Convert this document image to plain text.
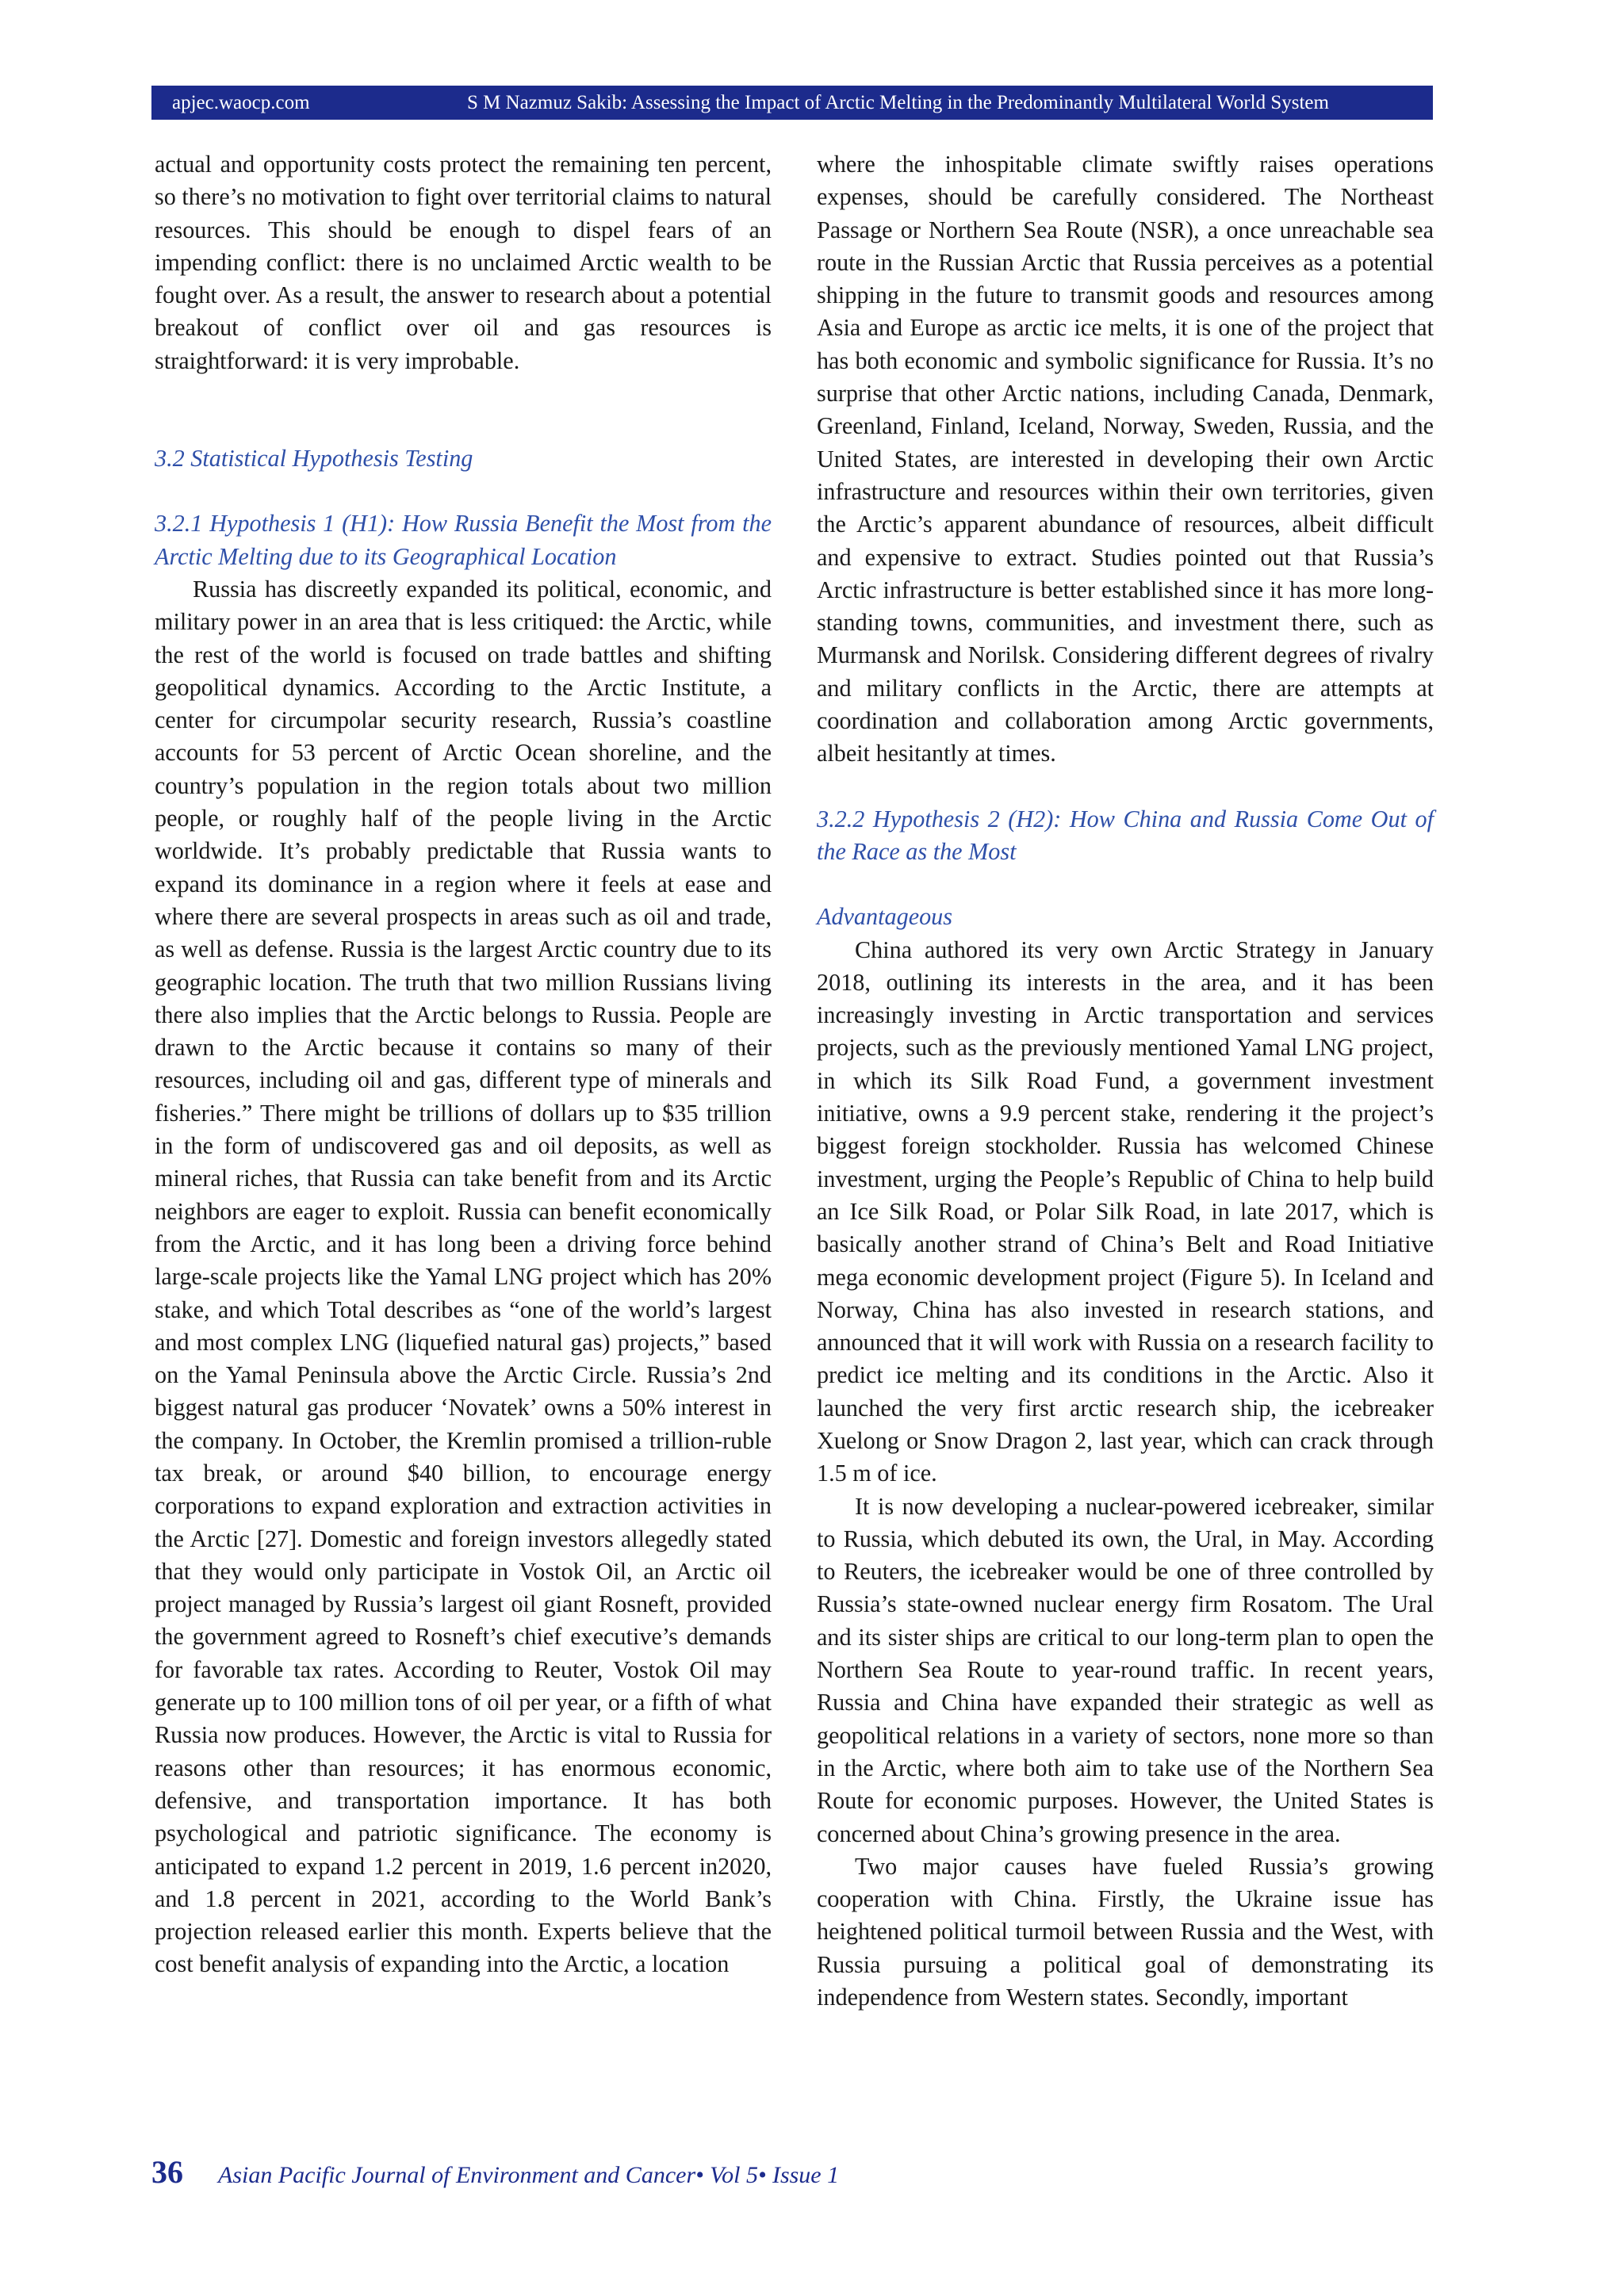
apjec.waocp.com	S M Nazmuz Sakib: Assessing the Impact of Arctic Melting in the Predominantly Multilateral World System

actual and opportunity costs protect the remaining ten percent, so there’s no motivation to fight over territorial claims to natural resources. This should be enough to dispel fears of an impending conflict: there is no unclaimed Arctic wealth to be fought over. As a result, the answer to research about a potential breakout of conflict over oil and gas resources is straightforward: it is very improbable.

3.2 Statistical Hypothesis Testing

3.2.1 Hypothesis 1 (H1): How Russia Benefit the Most from the Arctic Melting due to its Geographical Location

Russia has discreetly expanded its political, economic, and military power in an area that is less critiqued: the Arctic, while the rest of the world is focused on trade battles and shifting geopolitical dynamics. According to the Arctic Institute, a center for circumpolar security research, Russia’s coastline accounts for 53 percent of Arctic Ocean shoreline, and the country’s population in the region totals about two million people, or roughly half of the people living in the Arctic worldwide. It’s probably predictable that Russia wants to expand its dominance in a region where it feels at ease and where there are several prospects in areas such as oil and trade, as well as defense. Russia is the largest Arctic country due to its geographic location. The truth that two million Russians living there also implies that the Arctic belongs to Russia. People are drawn to the Arctic because it contains so many of their resources, including oil and gas, different type of minerals and fisheries.” There might be trillions of dollars up to $35 trillion in the form of undiscovered gas and oil deposits, as well as mineral riches, that Russia can take benefit from and its Arctic neighbors are eager to exploit. Russia can benefit economically from the Arctic, and it has long been a driving force behind large-scale projects like the Yamal LNG project which has 20% stake, and which Total describes as “one of the world’s largest and most complex LNG (liquefied natural gas) projects,” based on the Yamal Peninsula above the Arctic Circle. Russia’s 2nd biggest natural gas producer ‘Novatek’ owns a 50% interest in the company. In October, the Kremlin promised a trillion-ruble tax break, or around $40 billion, to encourage energy corporations to expand exploration and extraction activities in the Arctic [27]. Domestic and foreign investors allegedly stated that they would only participate in Vostok Oil, an Arctic oil project managed by Russia’s largest oil giant Rosneft, provided the government agreed to Rosneft’s chief executive’s demands for favorable tax rates. According to Reuter, Vostok Oil may generate up to 100 million tons of oil per year, or a fifth of what Russia now produces. However, the Arctic is vital to Russia for reasons other than resources; it has enormous economic, defensive, and transportation importance. It has both psychological and patriotic significance. The economy is anticipated to expand 1.2 percent in 2019, 1.6 percent in2020, and 1.8 percent in 2021, according to the World Bank’s projection released earlier this month. Experts believe that the cost benefit analysis of expanding into the Arctic, a location

where the inhospitable climate swiftly raises operations expenses, should be carefully considered. The Northeast Passage or Northern Sea Route (NSR), a once unreachable sea route in the Russian Arctic that Russia perceives as a potential shipping in the future to transmit goods and resources among Asia and Europe as arctic ice melts, it is one of the project that has both economic and symbolic significance for Russia. It’s no surprise that other Arctic nations, including Canada, Denmark, Greenland, Finland, Iceland, Norway, Sweden, Russia, and the United States, are interested in developing their own Arctic infrastructure and resources within their own territories, given the Arctic’s apparent abundance of resources, albeit difficult and expensive to extract. Studies pointed out that Russia’s Arctic infrastructure is better established since it has more long-standing towns, communities, and investment there, such as Murmansk and Norilsk. Considering different degrees of rivalry and military conflicts in the Arctic, there are attempts at coordination and collaboration among Arctic governments, albeit hesitantly at times.

3.2.2 Hypothesis 2 (H2): How China and Russia Come Out of the Race as the Most

Advantageous

China authored its very own Arctic Strategy in January 2018, outlining its interests in the area, and it has been increasingly investing in Arctic transportation and services projects, such as the previously mentioned Yamal LNG project, in which its Silk Road Fund, a government investment initiative, owns a 9.9 percent stake, rendering it the project’s biggest foreign stockholder. Russia has welcomed Chinese investment, urging the People’s Republic of China to help build an Ice Silk Road, or Polar Silk Road, in late 2017, which is basically another strand of China’s Belt and Road Initiative mega economic development project (Figure 5). In Iceland and Norway, China has also invested in research stations, and announced that it will work with Russia on a research facility to predict ice melting and its conditions in the Arctic. Also it launched the very first arctic research ship, the icebreaker Xuelong or Snow Dragon 2, last year, which can crack through 1.5 m of ice.

It is now developing a nuclear-powered icebreaker, similar to Russia, which debuted its own, the Ural, in May. According to Reuters, the icebreaker would be one of three controlled by Russia’s state-owned nuclear energy firm Rosatom. The Ural and its sister ships are critical to our long-term plan to open the Northern Sea Route to year-round traffic. In recent years, Russia and China have expanded their strategic as well as geopolitical relations in a variety of sectors, none more so than in the Arctic, where both aim to take use of the Northern Sea Route for economic purposes. However, the United States is concerned about China’s growing presence in the area.

Two major causes have fueled Russia’s growing cooperation with China. Firstly, the Ukraine issue has heightened political turmoil between Russia and the West, with Russia pursuing a political goal of demonstrating its independence from Western states. Secondly, important

36 Asian Pacific Journal of Environment and Cancer• Vol 5• Issue 1
